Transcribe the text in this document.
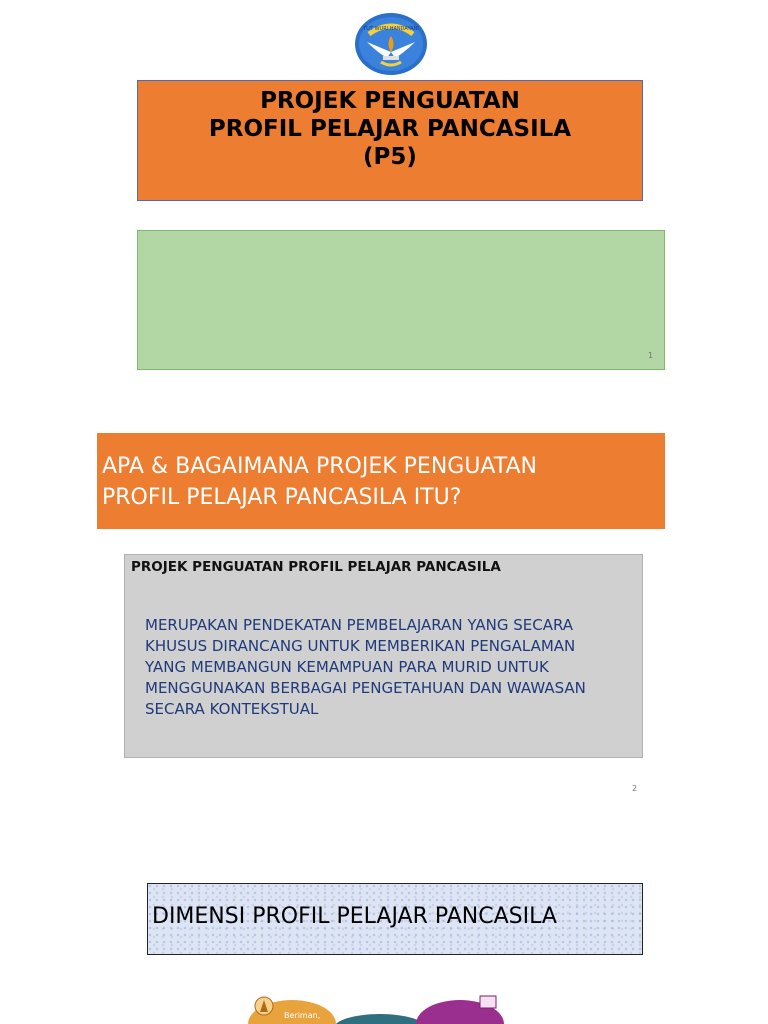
TUT WURI HANDAYANI
PROJEK PENGUATAN
PROFIL PELAJAR PANCASILA
(P5)
1
APA & BAGAIMANA PROJEK PENGUATAN
PROFIL PELAJAR PANCASILA ITU?
PROJEK PENGUATAN PROFIL PELAJAR PANCASILA
MERUPAKAN PENDEKATAN PEMBELAJARAN YANG SECARA
KHUSUS DIRANCANG UNTUK MEMBERIKAN PENGALAMAN
YANG MEMBANGUN KEMAMPUAN PARA MURID UNTUK
MENGGUNAKAN BERBAGAI PENGETAHUAN DAN WAWASAN
SECARA KONTEKSTUAL
2
DIMENSI PROFIL PELAJAR PANCASILA
Beriman,
